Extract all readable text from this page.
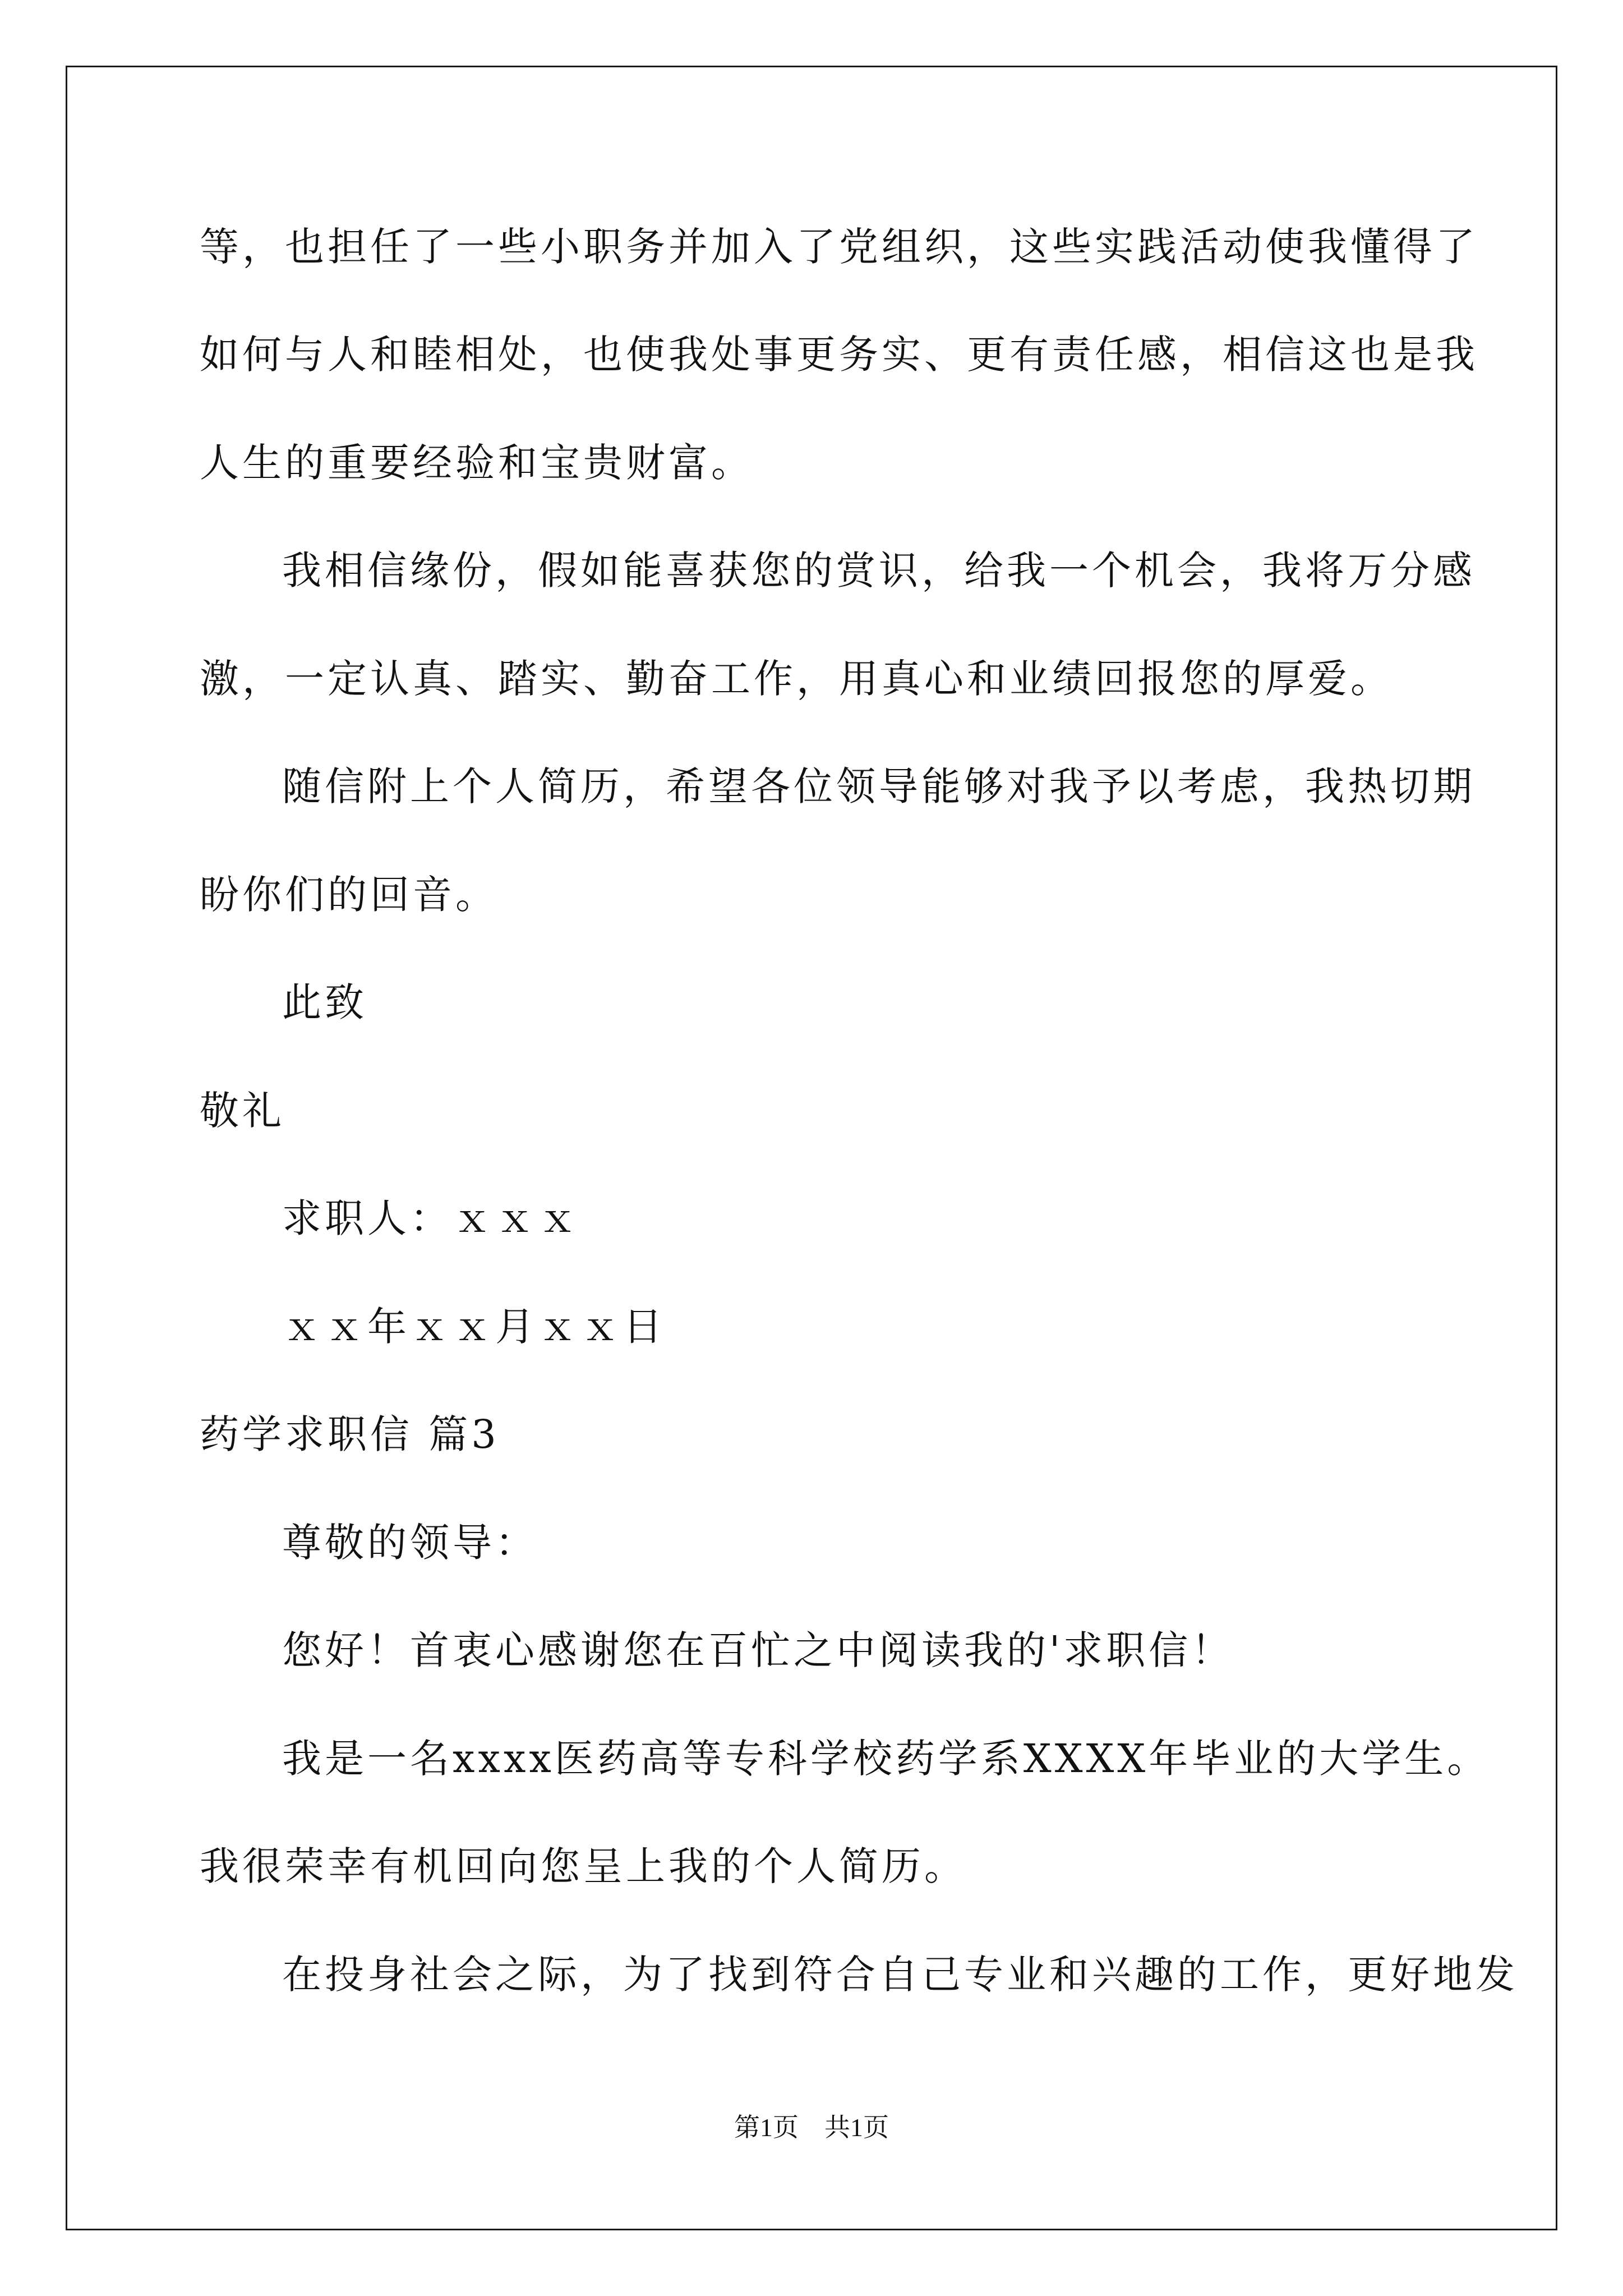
等，也担任了一些小职务并加入了党组织，这些实践活动使我懂得了
如何与人和睦相处，也使我处事更务实、更有责任感，相信这也是我
人生的重要经验和宝贵财富。
我相信缘份，假如能喜获您的赏识，给我一个机会，我将万分感
激，一定认真、踏实、勤奋工作，用真心和业绩回报您的厚爱。
随信附上个人简历，希望各位领导能够对我予以考虑，我热切期
盼你们的回音。
此致
敬礼
求职人：ｘｘｘ
ｘｘ年ｘｘ月ｘｘ日
药学求职信 篇3
尊敬的领导：
您好！首衷心感谢您在百忙之中阅读我的'求职信！
我是一名xxxx医药高等专科学校药学系XXXX年毕业的大学生。
我很荣幸有机回向您呈上我的个人简历。
在投身社会之际，为了找到符合自己专业和兴趣的工作，更好地发
第1页　共1页
